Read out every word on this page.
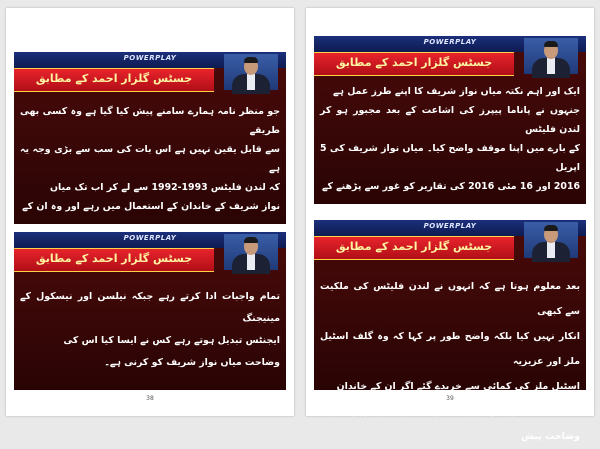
POWERPLAY
جسٹس گلزار احمد کے مطابق

جو منظر نامہ ہمارے سامنے پیش کیا گیا ہے وہ کسی بھی طریقے

سے قابل یقین نہیں ہے اس بات کی سب سے بڑی وجہ یہ ہے

کہ لندن فلیٹس 1993-1992 سے لے کر اب تک میاں

نواز شریف کے خاندان کے استعمال میں رہے اور وہ ان کے

POWERPLAY
جسٹس گلزار احمد کے مطابق

تمام واجبات ادا کرتے رہے جبکہ نیلسن اور نیسکول کے مینیجنگ

ایجنٹس تبدیل ہوتے رہے کس نے ایسا کیا اس کی

وضاحت میاں نواز شریف کو کرنی ہے۔

38
POWERPLAY
جسٹس گلزار احمد کے مطابق

ایک اور اہم نکتہ میاں نواز شریف کا اپنے طرز عمل ہے

جنہوں نے پاناما پیپرز کی اشاعت کے بعد مجبور ہو کر لندن فلیٹس

کے بارے میں اپنا موقف واضح کیا۔ میاں نواز شریف کی 5 اپریل

2016 اور 16 مئی 2016 کی تقاریر کو غور سے پڑھنے کے

POWERPLAY
جسٹس گلزار احمد کے مطابق

بعد معلوم ہوتا ہے کہ انہوں نے لندن فلیٹس کی ملکیت سے کبھی

انکار نہیں کیا بلکہ واضح طور پر کہا کہ وہ گلف اسٹیل ملز اور عزیزیہ

اسٹیل ملز کی کمائی سے خریدے گئے اگر ان کے خاندان

کا لندن فلیٹس سے کوئی تعلق نہ ہوتا تو انہیں کوئی وضاحت پیش

39
